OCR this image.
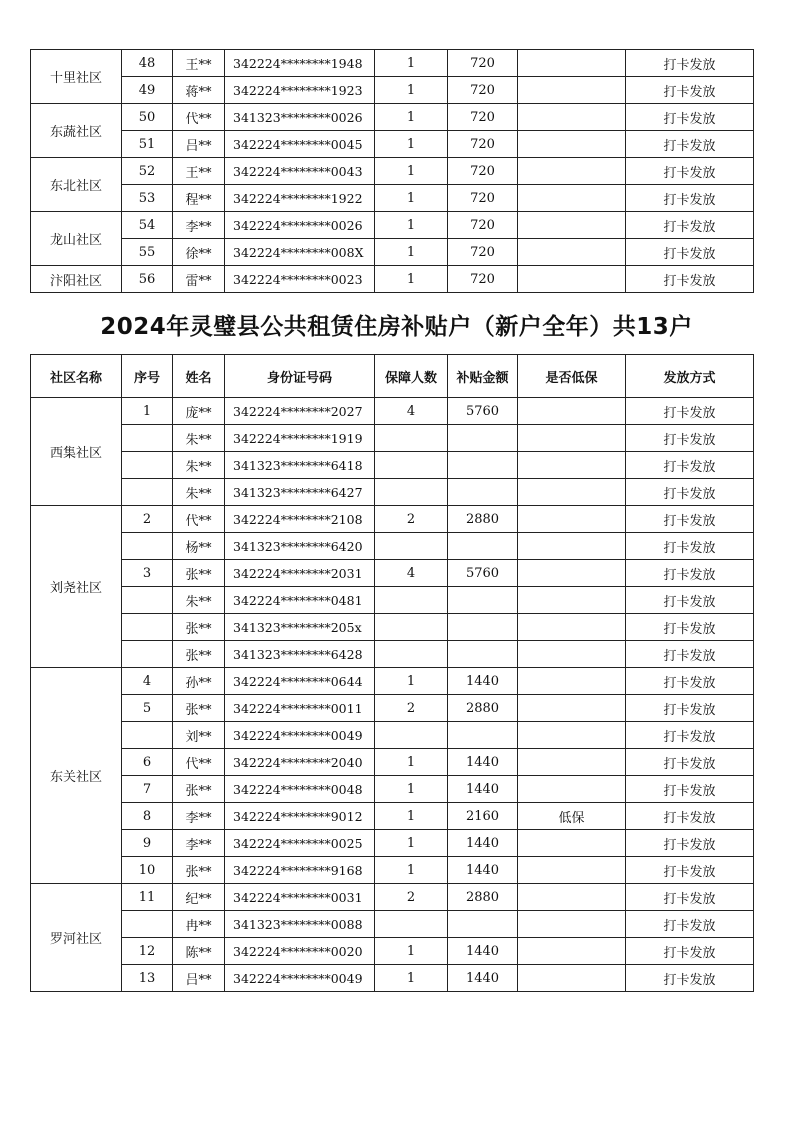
十里社区	48	王**	342224********1948	1	720		打卡发放
	49	蒋**	342224********1923	1	720		打卡发放
东蔬社区	50	代**	341323********0026	1	720		打卡发放
	51	吕**	342224********0045	1	720		打卡发放
东北社区	52	王**	342224********0043	1	720		打卡发放
	53	程**	342224********1922	1	720		打卡发放
龙山社区	54	李**	342224********0026	1	720		打卡发放
	55	徐**	342224********008X	1	720		打卡发放
汴阳社区	56	雷**	342224********0023	1	720		打卡发放
2024年灵璧县公共租赁住房补贴户（新户全年）共13户
社区名称	序号	姓名	身份证号码	保障人数	补贴金额	是否低保	发放方式
西集社区	1	庞**	342224********2027	4	5760		打卡发放
		朱**	342224********1919				打卡发放
		朱**	341323********6418				打卡发放
		朱**	341323********6427				打卡发放
刘尧社区	2	代**	342224********2108	2	2880		打卡发放
		杨**	341323********6420				打卡发放
	3	张**	342224********2031	4	5760		打卡发放
		朱**	342224********0481				打卡发放
		张**	341323********205x				打卡发放
		张**	341323********6428				打卡发放
东关社区	4	孙**	342224********0644	1	1440		打卡发放
	5	张**	342224********0011	2	2880		打卡发放
		刘**	342224********0049				打卡发放
	6	代**	342224********2040	1	1440		打卡发放
	7	张**	342224********0048	1	1440		打卡发放
	8	李**	342224********9012	1	2160	低保	打卡发放
	9	李**	342224********0025	1	1440		打卡发放
	10	张**	342224********9168	1	1440		打卡发放
罗河社区	11	纪**	342224********0031	2	2880		打卡发放
		冉**	341323********0088				打卡发放
	12	陈**	342224********0020	1	1440		打卡发放
	13	吕**	342224********0049	1	1440		打卡发放
